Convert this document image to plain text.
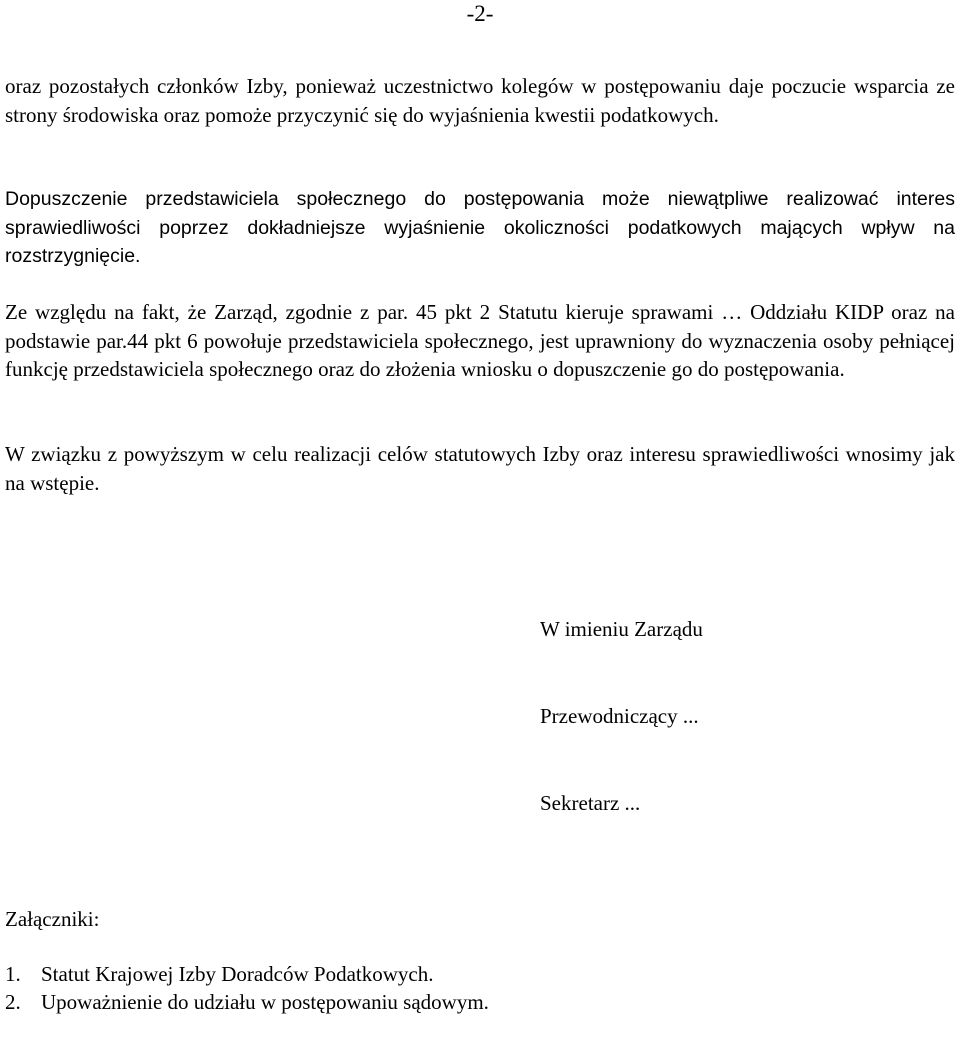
-2-

oraz pozostałych członków Izby, ponieważ uczestnictwo kolegów w postępowaniu daje poczucie wsparcia ze strony środowiska oraz pomoże przyczynić się do wyjaśnienia kwestii podatkowych.

Dopuszczenie przedstawiciela społecznego do postępowania może niewątpliwe realizować interes sprawiedliwości poprzez dokładniejsze wyjaśnienie okoliczności podatkowych mających wpływ na rozstrzygnięcie.

Ze względu na fakt, że Zarząd, zgodnie z par. 45 pkt 2 Statutu kieruje sprawami … Oddziału KIDP oraz na podstawie par.44 pkt 6 powołuje przedstawiciela społecznego, jest uprawniony do wyznaczenia osoby pełniącej funkcję przedstawiciela społecznego oraz do złożenia wniosku o dopuszczenie go do postępowania.

W związku z powyższym w celu realizacji celów statutowych Izby oraz interesu sprawiedliwości wnosimy jak na wstępie.

W imieniu Zarządu
Przewodniczący ...
Sekretarz ...
Załączniki:
1. Statut Krajowej Izby Doradców Podatkowych.
2. Upoważnienie do udziału w postępowaniu sądowym.
